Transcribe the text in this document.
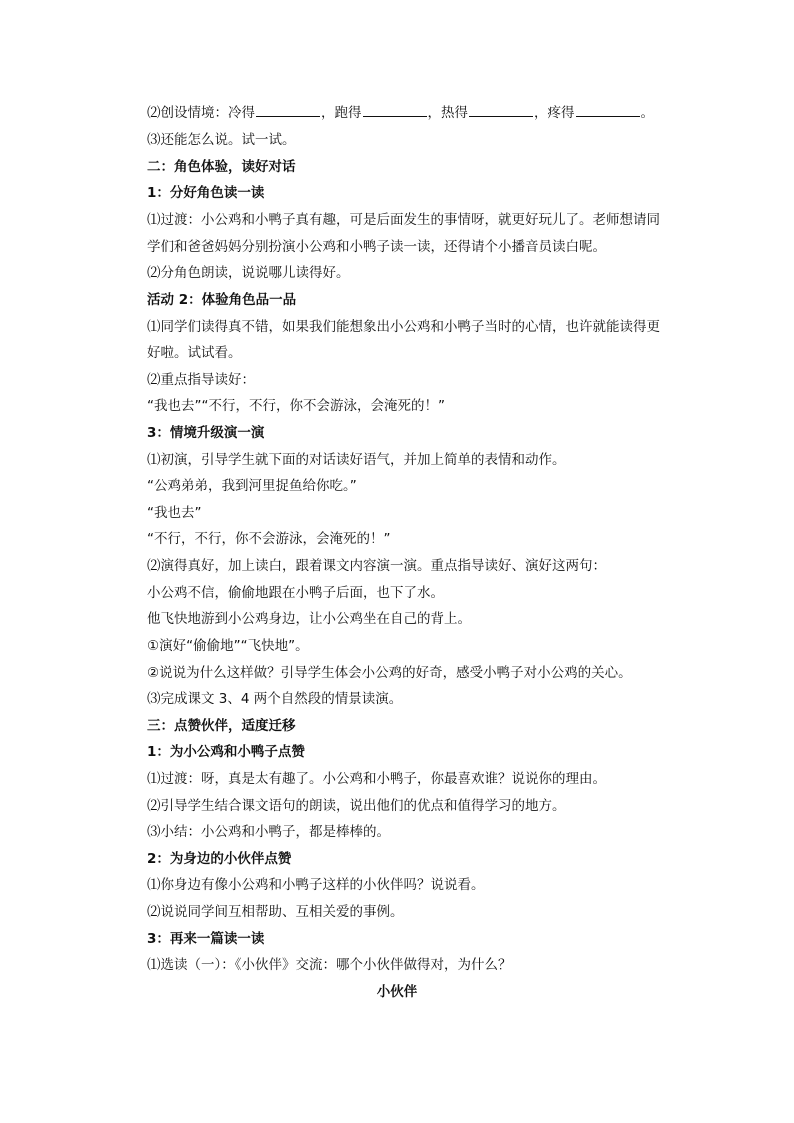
⑵创设情境：冷得	，跑得	，热得	，疼得	。
⑶还能怎么说。试一试。
二：角色体验，读好对话
1：分好角色读一读
⑴过渡：小公鸡和小鸭子真有趣，可是后面发生的事情呀，就更好玩儿了。老师想请同
学们和爸爸妈妈分别扮演小公鸡和小鸭子读一读，还得请个小播音员读白呢。
⑵分角色朗读，说说哪儿读得好。
活动 2：体验角色品一品
⑴同学们读得真不错，如果我们能想象出小公鸡和小鸭子当时的心情，也许就能读得更
好啦。试试看。
⑵重点指导读好：
“我也去”“不行，不行，你不会游泳，会淹死的！”
3：情境升级演一演
⑴初演，引导学生就下面的对话读好语气，并加上简单的表情和动作。
“公鸡弟弟，我到河里捉鱼给你吃。”
“我也去”
“不行，不行，你不会游泳，会淹死的！”
⑵演得真好，加上读白，跟着课文内容演一演。重点指导读好、演好这两句：
小公鸡不信，偷偷地跟在小鸭子后面，也下了水。
他飞快地游到小公鸡身边，让小公鸡坐在自己的背上。
①演好“偷偷地”“飞快地”。
②说说为什么这样做？引导学生体会小公鸡的好奇，感受小鸭子对小公鸡的关心。
⑶完成课文 3、4 两个自然段的情景读演。
三：点赞伙伴，适度迁移
1：为小公鸡和小鸭子点赞
⑴过渡：呀，真是太有趣了。小公鸡和小鸭子，你最喜欢谁？说说你的理由。
⑵引导学生结合课文语句的朗读，说出他们的优点和值得学习的地方。
⑶小结：小公鸡和小鸭子，都是棒棒的。
2：为身边的小伙伴点赞
⑴你身边有像小公鸡和小鸭子这样的小伙伴吗？说说看。
⑵说说同学间互相帮助、互相关爱的事例。
3：再来一篇读一读
⑴选读（一）：《小伙伴》交流：哪个小伙伴做得对，为什么？
小伙伴
